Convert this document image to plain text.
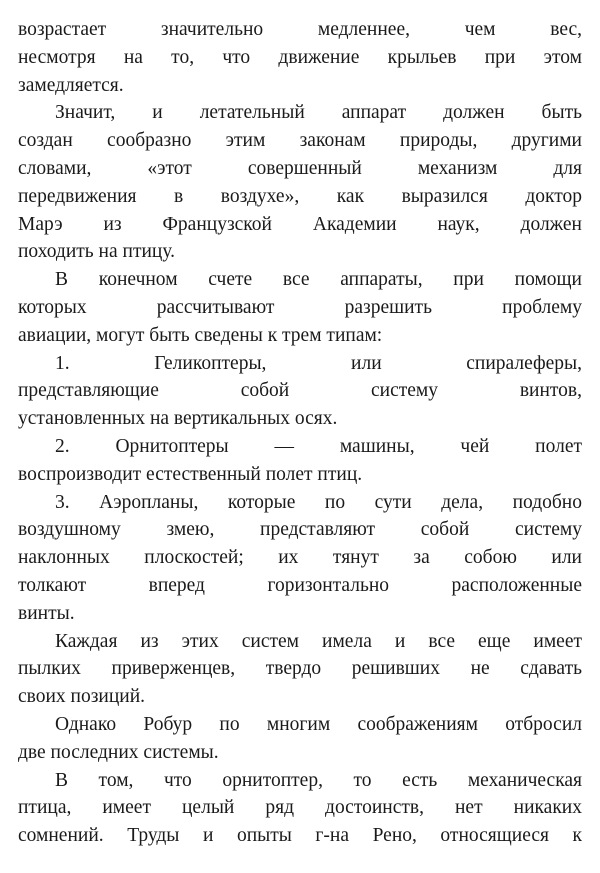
возрастает значительно медленнее, чем вес,
несмотря на то, что движение крыльев при этом
замедляется.
Значит, и летательный аппарат должен быть
создан сообразно этим законам природы, другими
словами, «этот совершенный механизм для
передвижения в воздухе», как выразился доктор
Марэ из Французской Академии наук, должен
походить на птицу.
В конечном счете все аппараты, при помощи
которых рассчитывают разрешить проблему
авиации, могут быть сведены к трем типам:
1. Геликоптеры, или спиралеферы,
представляющие собой систему винтов,
установленных на вертикальных осях.
2. Орнитоптеры — машины, чей полет
воспроизводит естественный полет птиц.
3. Аэропланы, которые по сути дела, подобно
воздушному змею, представляют собой систему
наклонных плоскостей; их тянут за собою или
толкают вперед горизонтально расположенные
винты.
Каждая из этих систем имела и все еще имеет
пылких приверженцев, твердо решивших не сдавать
своих позиций.
Однако Робур по многим соображениям отбросил
две последних системы.
В том, что орнитоптер, то есть механическая
птица, имеет целый ряд достоинств, нет никаких
сомнений. Труды и опыты г-на Рено, относящиеся к
